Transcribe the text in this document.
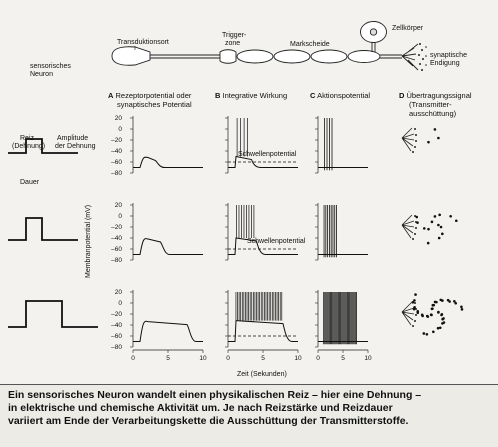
sensorisches
Neuron
Transduktionsort
Trigger-
zone	Markscheide
Zellkörper
synaptische
Endigung
A Rezeptorpotential oder
synaptisches Potential
B Integrative Wirkung	C Aktionspotential	D Übertragungssignal
(Transmitter-
ausschüttung)
Reiz
(Dehnung)
Amplitude
der Dehnung
Dauer
Membranpotential (mV)
Zeit (Sekunden)
Schwellenpotential
Schwellenpotential
20
0
–20
–40
–60
–80
20
0
–20
–40
–60
–80
20
0
–20
–40
–60
–80
0	5	10	0	5	10 0	5	10
Ein sensorisches Neuron wandelt einen physikalischen Reiz – hier eine Dehnung –
in elektrische und chemische Aktivität um. Je nach Reizstärke und Reizdauer
variiert am Ende der Verarbeitungskette die Ausschüttung der Transmitterstoffe.
